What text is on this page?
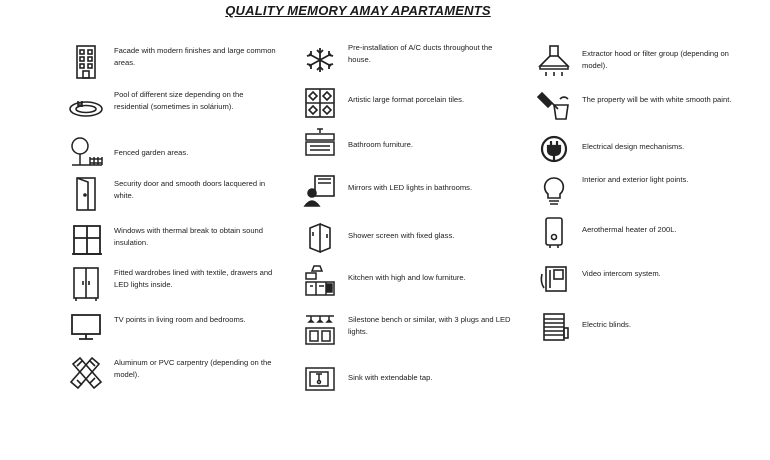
QUALITY MEMORY AMAY APARTAMENTS
Facade with modern finishes and large common areas.
Pool of different size depending on the residential (sometimes in solárium).
Fenced garden areas.
Security door and smooth doors lacquered in white.
Windows with thermal break to obtain sound insulation.
Fitted wardrobes lined with textile, drawers and LED lights inside.
TV points in living room and bedrooms.
Aluminum or PVC carpentry (depending on the model).
Pre-installation of A/C ducts throughout the house.
Artistic large format porcelain tiles.
Bathroom furniture.
Mirrors with LED lights in bathrooms.
Shower screen with fixed glass.
Kitchen with high and low furniture.
Silestone bench or similar, with 3 plugs and LED lights.
Sink with extendable tap.
Extractor hood or filter group (depending on model).
The property will be with white smooth paint.
Electrical design mechanisms.
Interior and exterior light points.
Aerothermal heater of 200L.
Video intercom system.
Electric blinds.
